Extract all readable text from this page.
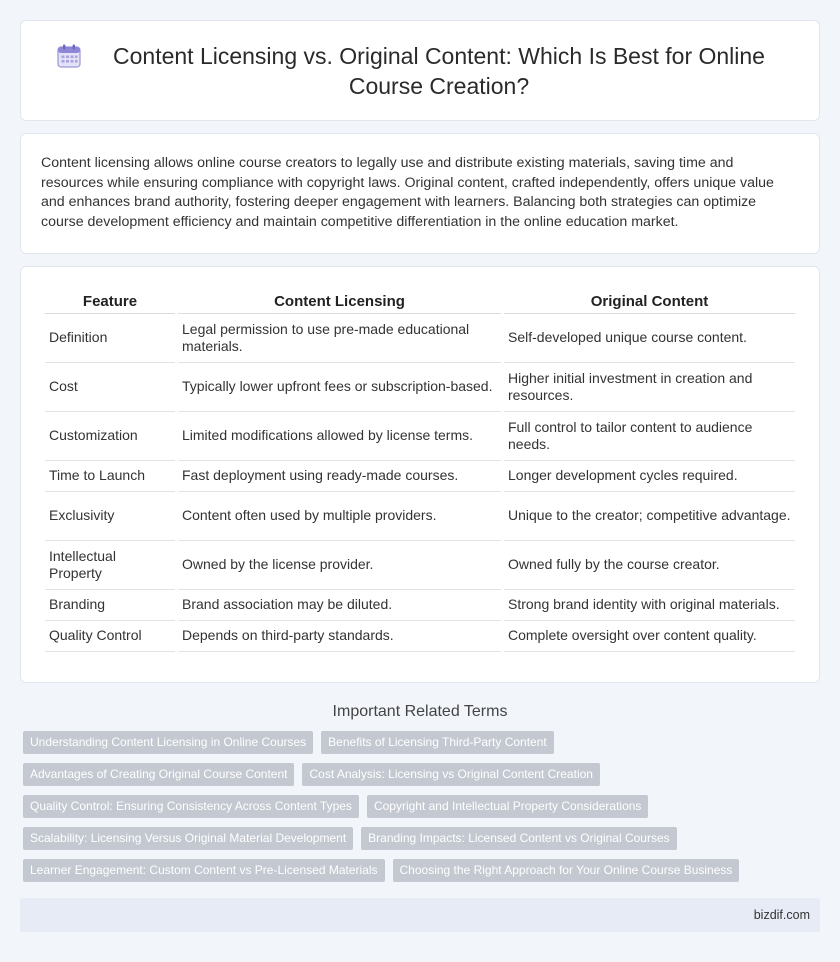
Content Licensing vs. Original Content: Which Is Best for Online Course Creation?

Content licensing allows online course creators to legally use and distribute existing materials, saving time and resources while ensuring compliance with copyright laws. Original content, crafted independently, offers unique value and enhances brand authority, fostering deeper engagement with learners. Balancing both strategies can optimize course development efficiency and maintain competitive differentiation in the online education market.

Feature	Content Licensing	Original Content
Definition	Legal permission to use pre-made educational materials.	Self-developed unique course content.
Cost	Typically lower upfront fees or subscription-based.	Higher initial investment in creation and resources.
Customization	Limited modifications allowed by license terms.	Full control to tailor content to audience needs.
Time to Launch	Fast deployment using ready-made courses.	Longer development cycles required.
Exclusivity	Content often used by multiple providers.	Unique to the creator; competitive advantage.
Intellectual Property	Owned by the license provider.	Owned fully by the course creator.
Branding	Brand association may be diluted.	Strong brand identity with original materials.
Quality Control	Depends on third-party standards.	Complete oversight over content quality.
Important Related Terms
Understanding Content Licensing in Online Courses	Benefits of Licensing Third-Party Content
Advantages of Creating Original Course Content	Cost Analysis: Licensing vs Original Content Creation
Quality Control: Ensuring Consistency Across Content Types	Copyright and Intellectual Property Considerations
Scalability: Licensing Versus Original Material Development	Branding Impacts: Licensed Content vs Original Courses
Learner Engagement: Custom Content vs Pre-Licensed Materials	Choosing the Right Approach for Your Online Course Business
bizdif.com
